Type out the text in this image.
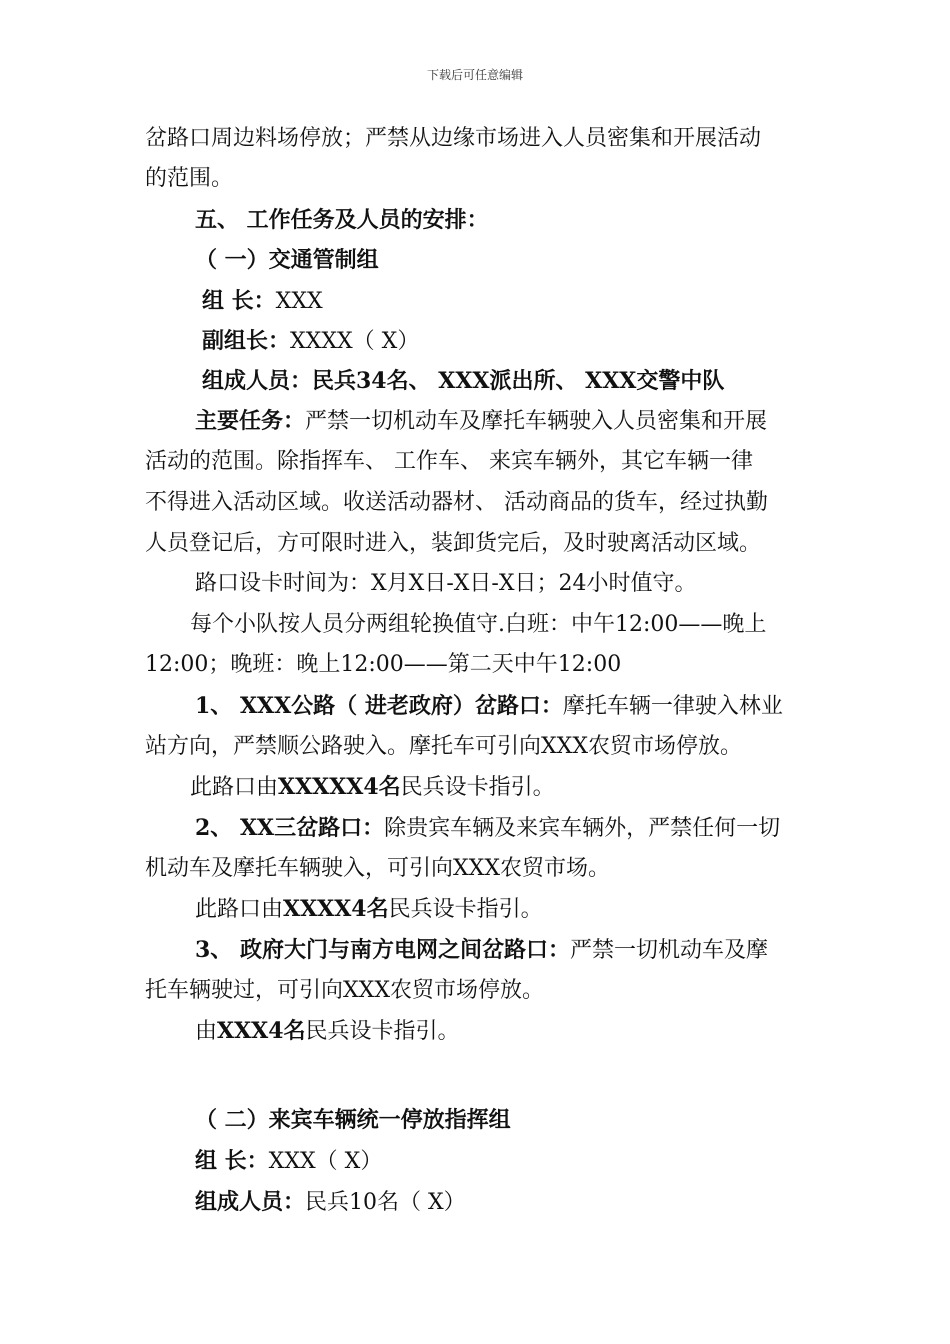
下载后可任意编辑
岔路口周边料场停放；严禁从边缘市场进入人员密集和开展活动
的范围。
五、 工作任务及人员的安排：
（ 一）交通管制组
组 长：XXX
副组长：XXXX（ X）
组成人员：民兵34名、 XXX派出所、 XXX交警中队
主要任务：严禁一切机动车及摩托车辆驶入人员密集和开展
活动的范围。除指挥车、 工作车、 来宾车辆外，其它车辆一律
不得进入活动区域。收送活动器材、 活动商品的货车，经过执勤
人员登记后，方可限时进入，装卸货完后，及时驶离活动区域。
路口设卡时间为：X月X日-X日-X日；24小时值守。
每个小队按人员分两组轮换值守.白班：中午12:00——晚上
12:00；晚班：晚上12:00——第二天中午12:00
1、 XXX公路（ 进老政府）岔路口：摩托车辆一律驶入林业
站方向，严禁顺公路驶入。摩托车可引向XXX农贸市场停放。
此路口由XXXXX4名民兵设卡指引。
2、 XX三岔路口：除贵宾车辆及来宾车辆外，严禁任何一切
机动车及摩托车辆驶入，可引向XXX农贸市场。
此路口由XXXX4名民兵设卡指引。
3、 政府大门与南方电网之间岔路口：严禁一切机动车及摩
托车辆驶过，可引向XXX农贸市场停放。
由XXX4名民兵设卡指引。
（ 二）来宾车辆统一停放指挥组
组 长：XXX（ X）
组成人员：民兵10名（ X）
